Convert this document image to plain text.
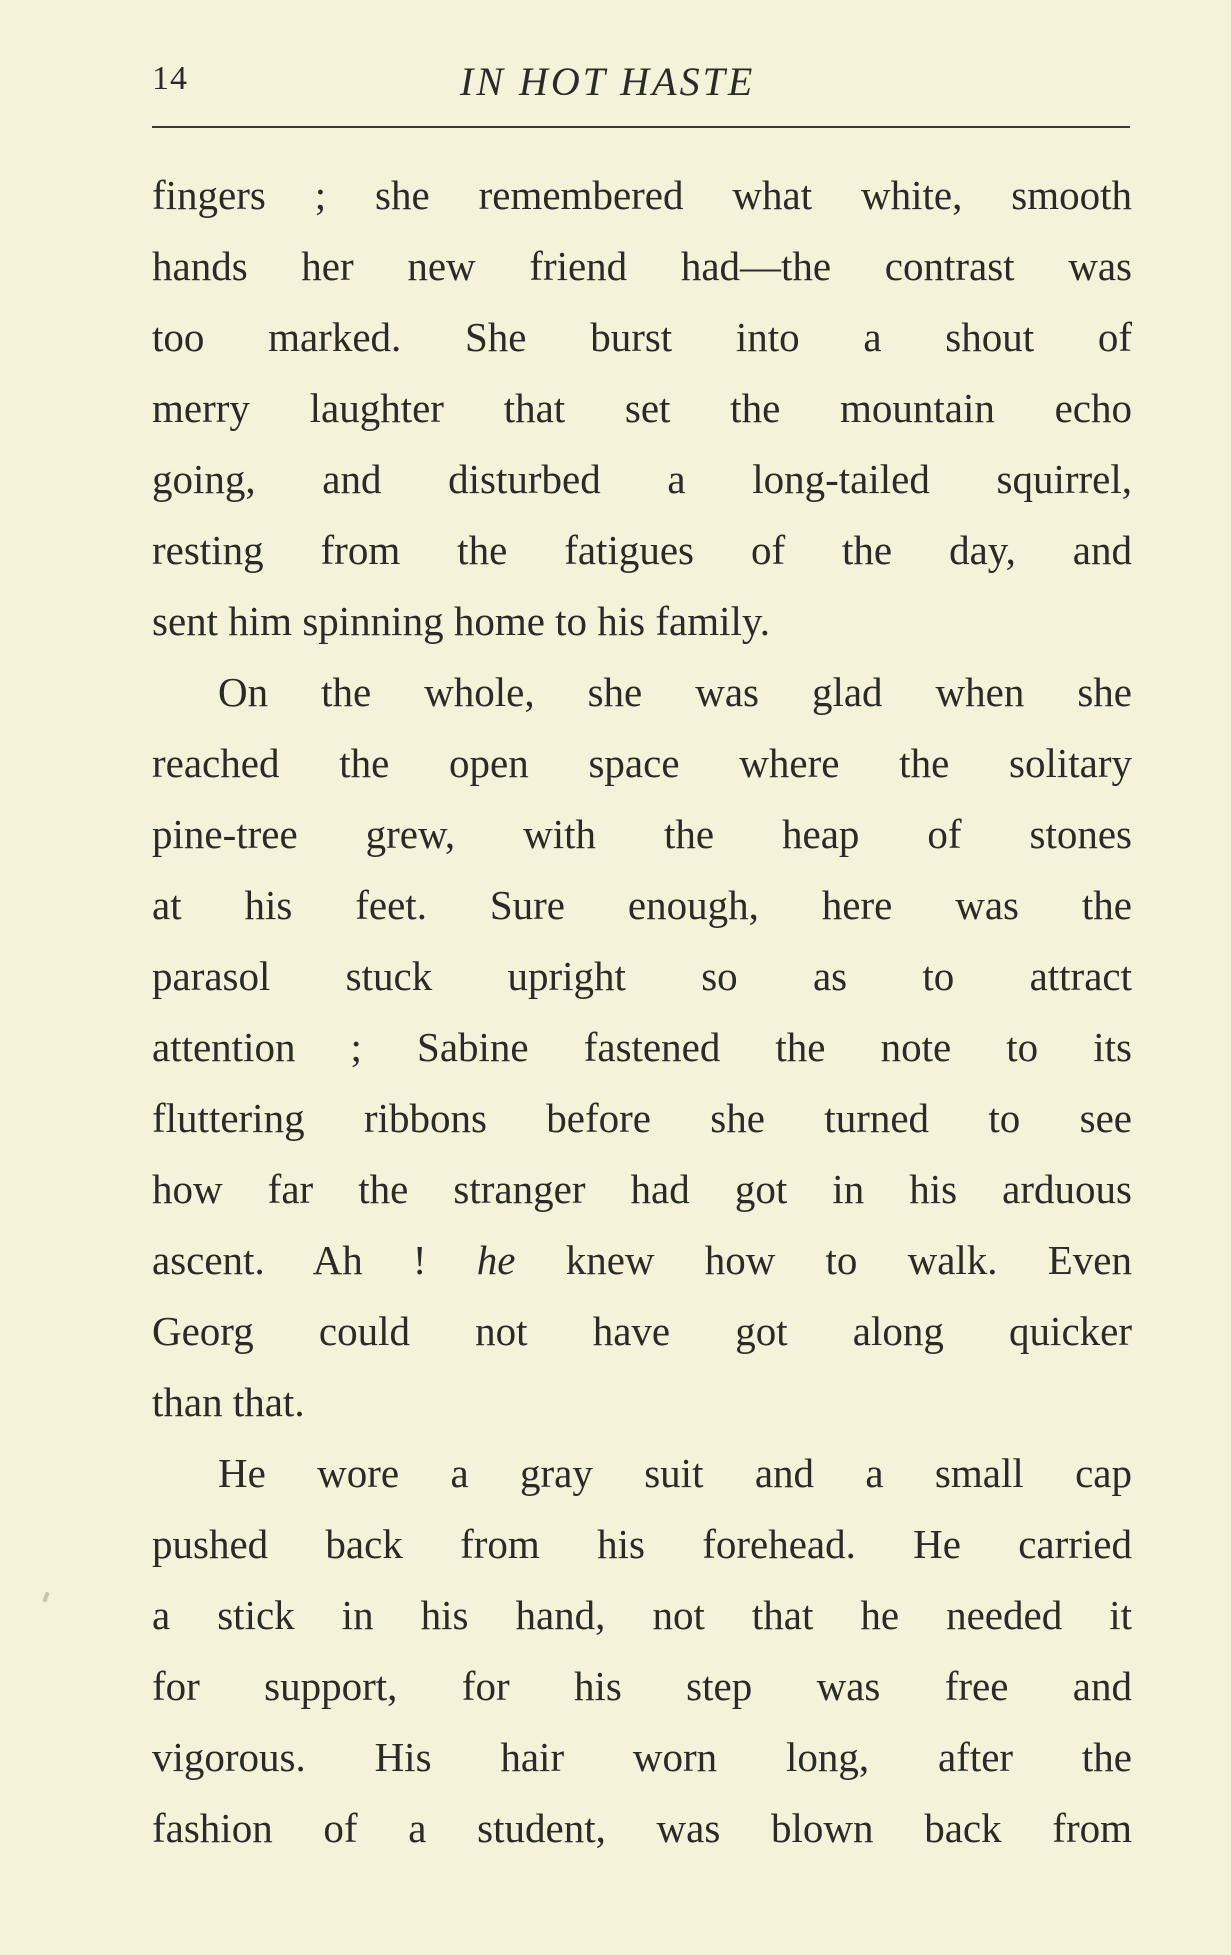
14	IN HOT HASTE
fingers ; she remembered what white, smooth
hands her new friend had—the contrast was
too marked. She burst into a shout of
merry laughter that set the mountain echo
going, and disturbed a long-tailed squirrel,
resting from the fatigues of the day, and
sent him spinning home to his family.
On the whole, she was glad when she
reached the open space where the solitary
pine-tree grew, with the heap of stones
at his feet. Sure enough, here was the
parasol stuck upright so as to attract
attention ; Sabine fastened the note to its
fluttering ribbons before she turned to see
how far the stranger had got in his arduous
ascent. Ah ! he knew how to walk. Even
Georg could not have got along quicker
than that.
He wore a gray suit and a small cap
pushed back from his forehead. He carried
a stick in his hand, not that he needed it
for support, for his step was free and
vigorous. His hair worn long, after the
fashion of a student, was blown back from
